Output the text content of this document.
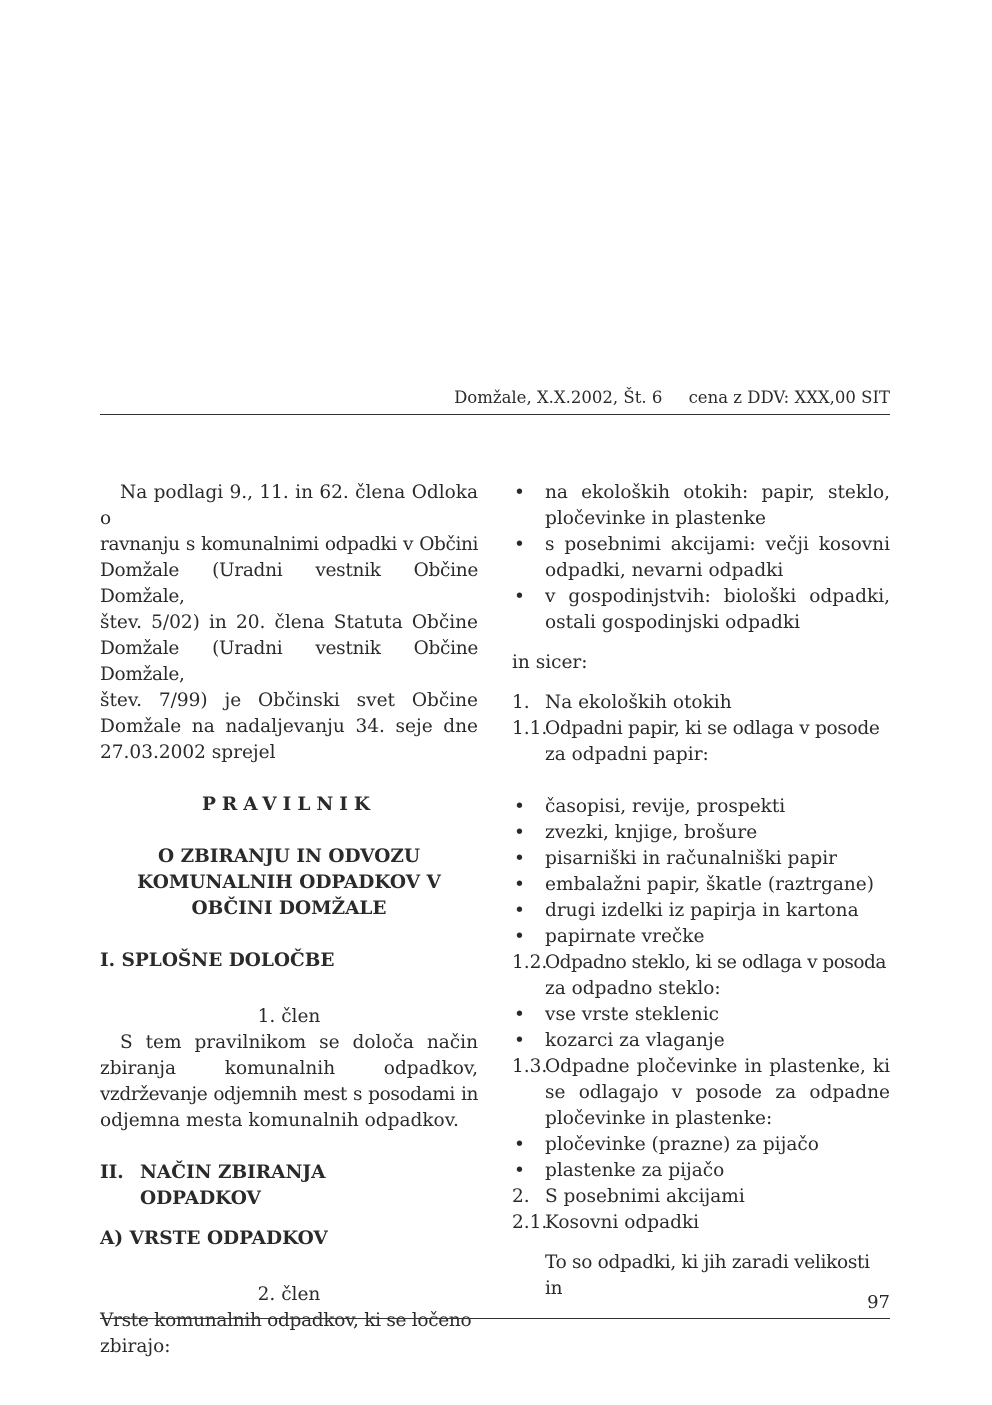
Domžale, X.X.2002, Št. 6 cena z DDV: XXX,00 SIT
Na podlagi 9., 11. in 62. člena Odloka o
ravnanju s komunalnimi odpadki v Občini
Domžale (Uradni vestnik Občine Domžale,
štev. 5/02) in 20. člena Statuta Občine
Domžale (Uradni vestnik Občine Domžale,
štev. 7/99) je Občinski svet Občine
Domžale na nadaljevanju 34. seje dne
27.03.2002 sprejel
PRAVILNIK
O ZBIRANJU IN ODVOZU
KOMUNALNIH ODPADKOV V
OBČINI DOMŽALE
I. SPLOŠNE DOLOČBE
1. člen
S tem pravilnikom se določa način
zbiranja komunalnih odpadkov,
vzdrževanje odjemnih mest s posodami in
odjemna mesta komunalnih odpadkov.
II. NAČIN ZBIRANJA
ODPADKOV
A) VRSTE ODPADKOV
2. člen
Vrste komunalnih odpadkov, ki se ločeno
zbirajo:
• na ekoloških otokih: papir, steklo,
pločevinke in plastenke
• s posebnimi akcijami: večji kosovni
odpadki, nevarni odpadki
• v gospodinjstvih: biološki odpadki,
ostali gospodinjski odpadki
in sicer:
1. Na ekoloških otokih
1.1.
Odpadni papir, ki se odlaga v posode
za odpadni papir:
• časopisi, revije, prospekti
• zvezki, knjige, brošure
• pisarniški in računalniški papir
• embalažni papir, škatle (raztrgane)
• drugi izdelki iz papirja in kartona
• papirnate vrečke
1.2.
Odpadno steklo, ki se odlaga v posoda
za odpadno steklo:
• vse vrste steklenic
• kozarci za vlaganje
1.3.
Odpadne pločevinke in plastenke, ki
se odlagajo v posode za odpadne
pločevinke in plastenke:
• pločevinke (prazne) za pijačo
• plastenke za pijačo
2. S posebnimi akcijami
2.1.
Kosovni odpadki
To so odpadki, ki jih zaradi velikosti in
97
